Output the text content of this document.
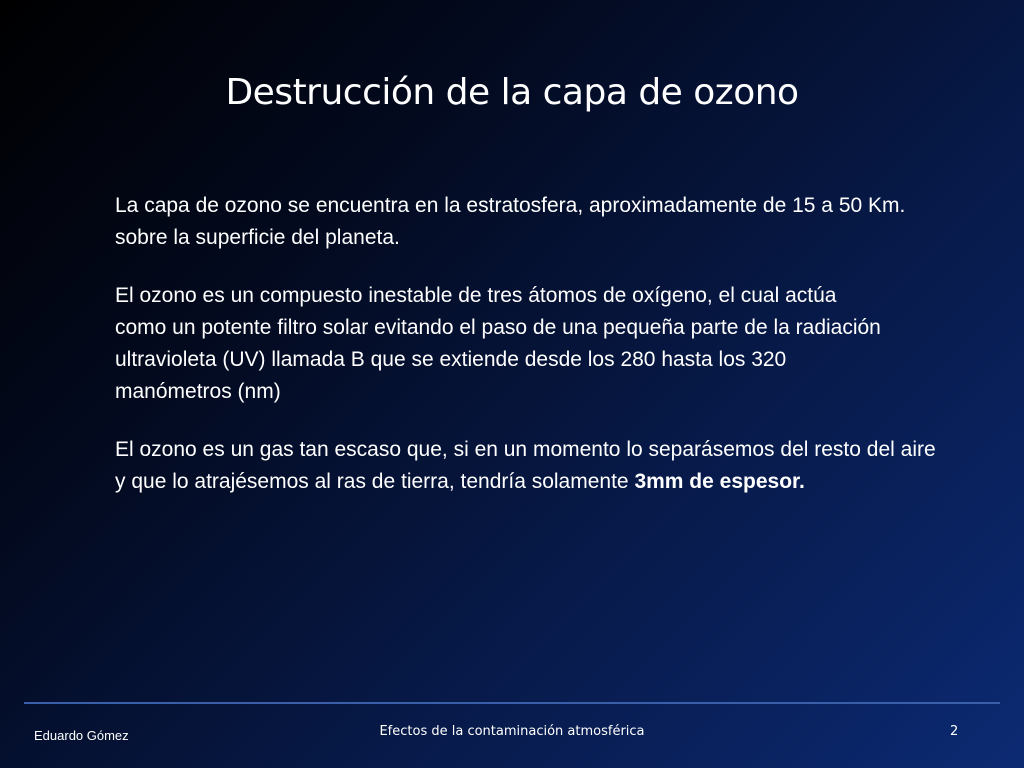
Destrucción de la capa de ozono

La capa de ozono se encuentra en la estratosfera, aproximadamente de 15 a 50 Km. sobre la superficie del planeta.

El ozono es un compuesto inestable de tres átomos de oxígeno, el cual actúa como un potente filtro solar evitando el paso de una pequeña parte de la radiación ultravioleta (UV) llamada B que se extiende desde los 280 hasta los 320 manómetros (nm)

El ozono es un gas tan escaso que, si en un momento lo separásemos del resto del aire y que lo atrajésemos al ras de tierra, tendría solamente 3mm de espesor.

Eduardo Gómez	Efectos de la contaminación atmosférica	2
